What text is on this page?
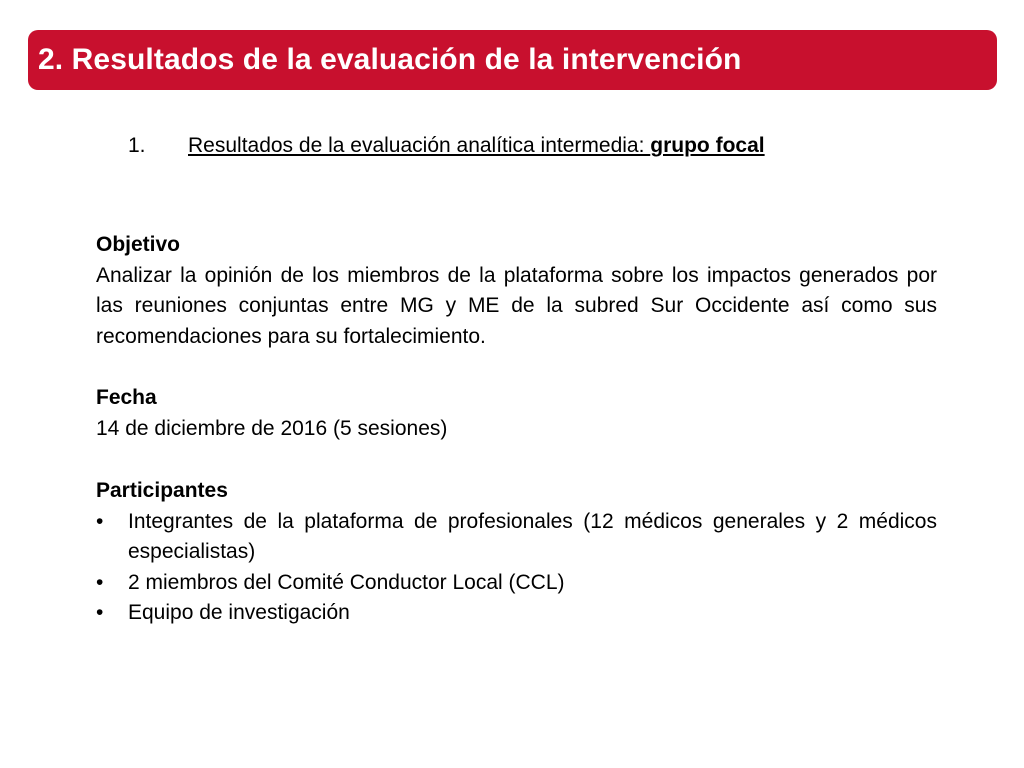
2. Resultados de la evaluación de la intervención
1. Resultados de la evaluación analítica intermedia: grupo focal
Objetivo
Analizar la opinión de los miembros de la plataforma sobre los impactos generados por las reuniones conjuntas entre MG y ME de la subred Sur Occidente así como sus recomendaciones para su fortalecimiento.
Fecha
14 de diciembre de 2016 (5 sesiones)
Participantes
• Integrantes de la plataforma de profesionales (12 médicos generales y 2 médicos especialistas)
• 2 miembros del Comité Conductor Local (CCL)
• Equipo de investigación
